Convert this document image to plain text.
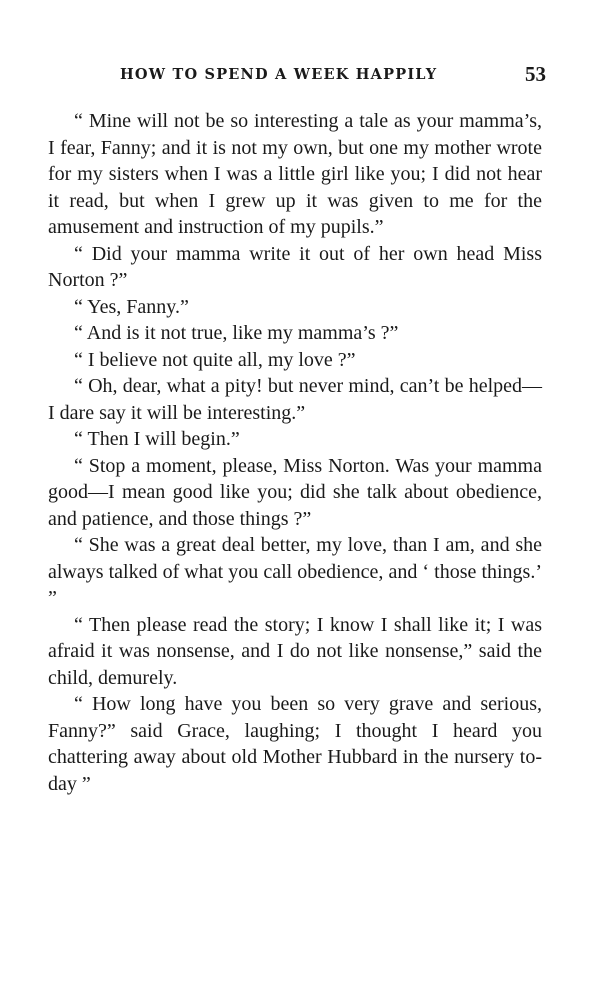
HOW TO SPEND A WEEK HAPPILY	53

“ Mine will not be so interesting a tale as your mamma’s, I fear, Fanny; and it is not my own, but one my mother wrote for my sisters when I was a little girl like you; I did not hear it read, but when I grew up it was given to me for the amusement and instruction of my pupils.”

“ Did your mamma write it out of her own head Miss Norton ?”

“ Yes, Fanny.”

“ And is it not true, like my mamma’s ?”

“ I believe not quite all, my love ?”

“ Oh, dear, what a pity! but never mind, can’t be helped—I dare say it will be interesting.”

“ Then I will begin.”

“ Stop a moment, please, Miss Norton. Was your mamma good—I mean good like you; did she talk about obedience, and patience, and those things ?”

“ She was a great deal better, my love, than I am, and she always talked of what you call obedience, and ‘ those things.’ ”

“ Then please read the story; I know I shall like it; I was afraid it was nonsense, and I do not like nonsense,” said the child, demurely.

“ How long have you been so very grave and serious, Fanny?” said Grace, laughing; I thought I heard you chattering away about old Mother Hubbard in the nursery to-day ”
